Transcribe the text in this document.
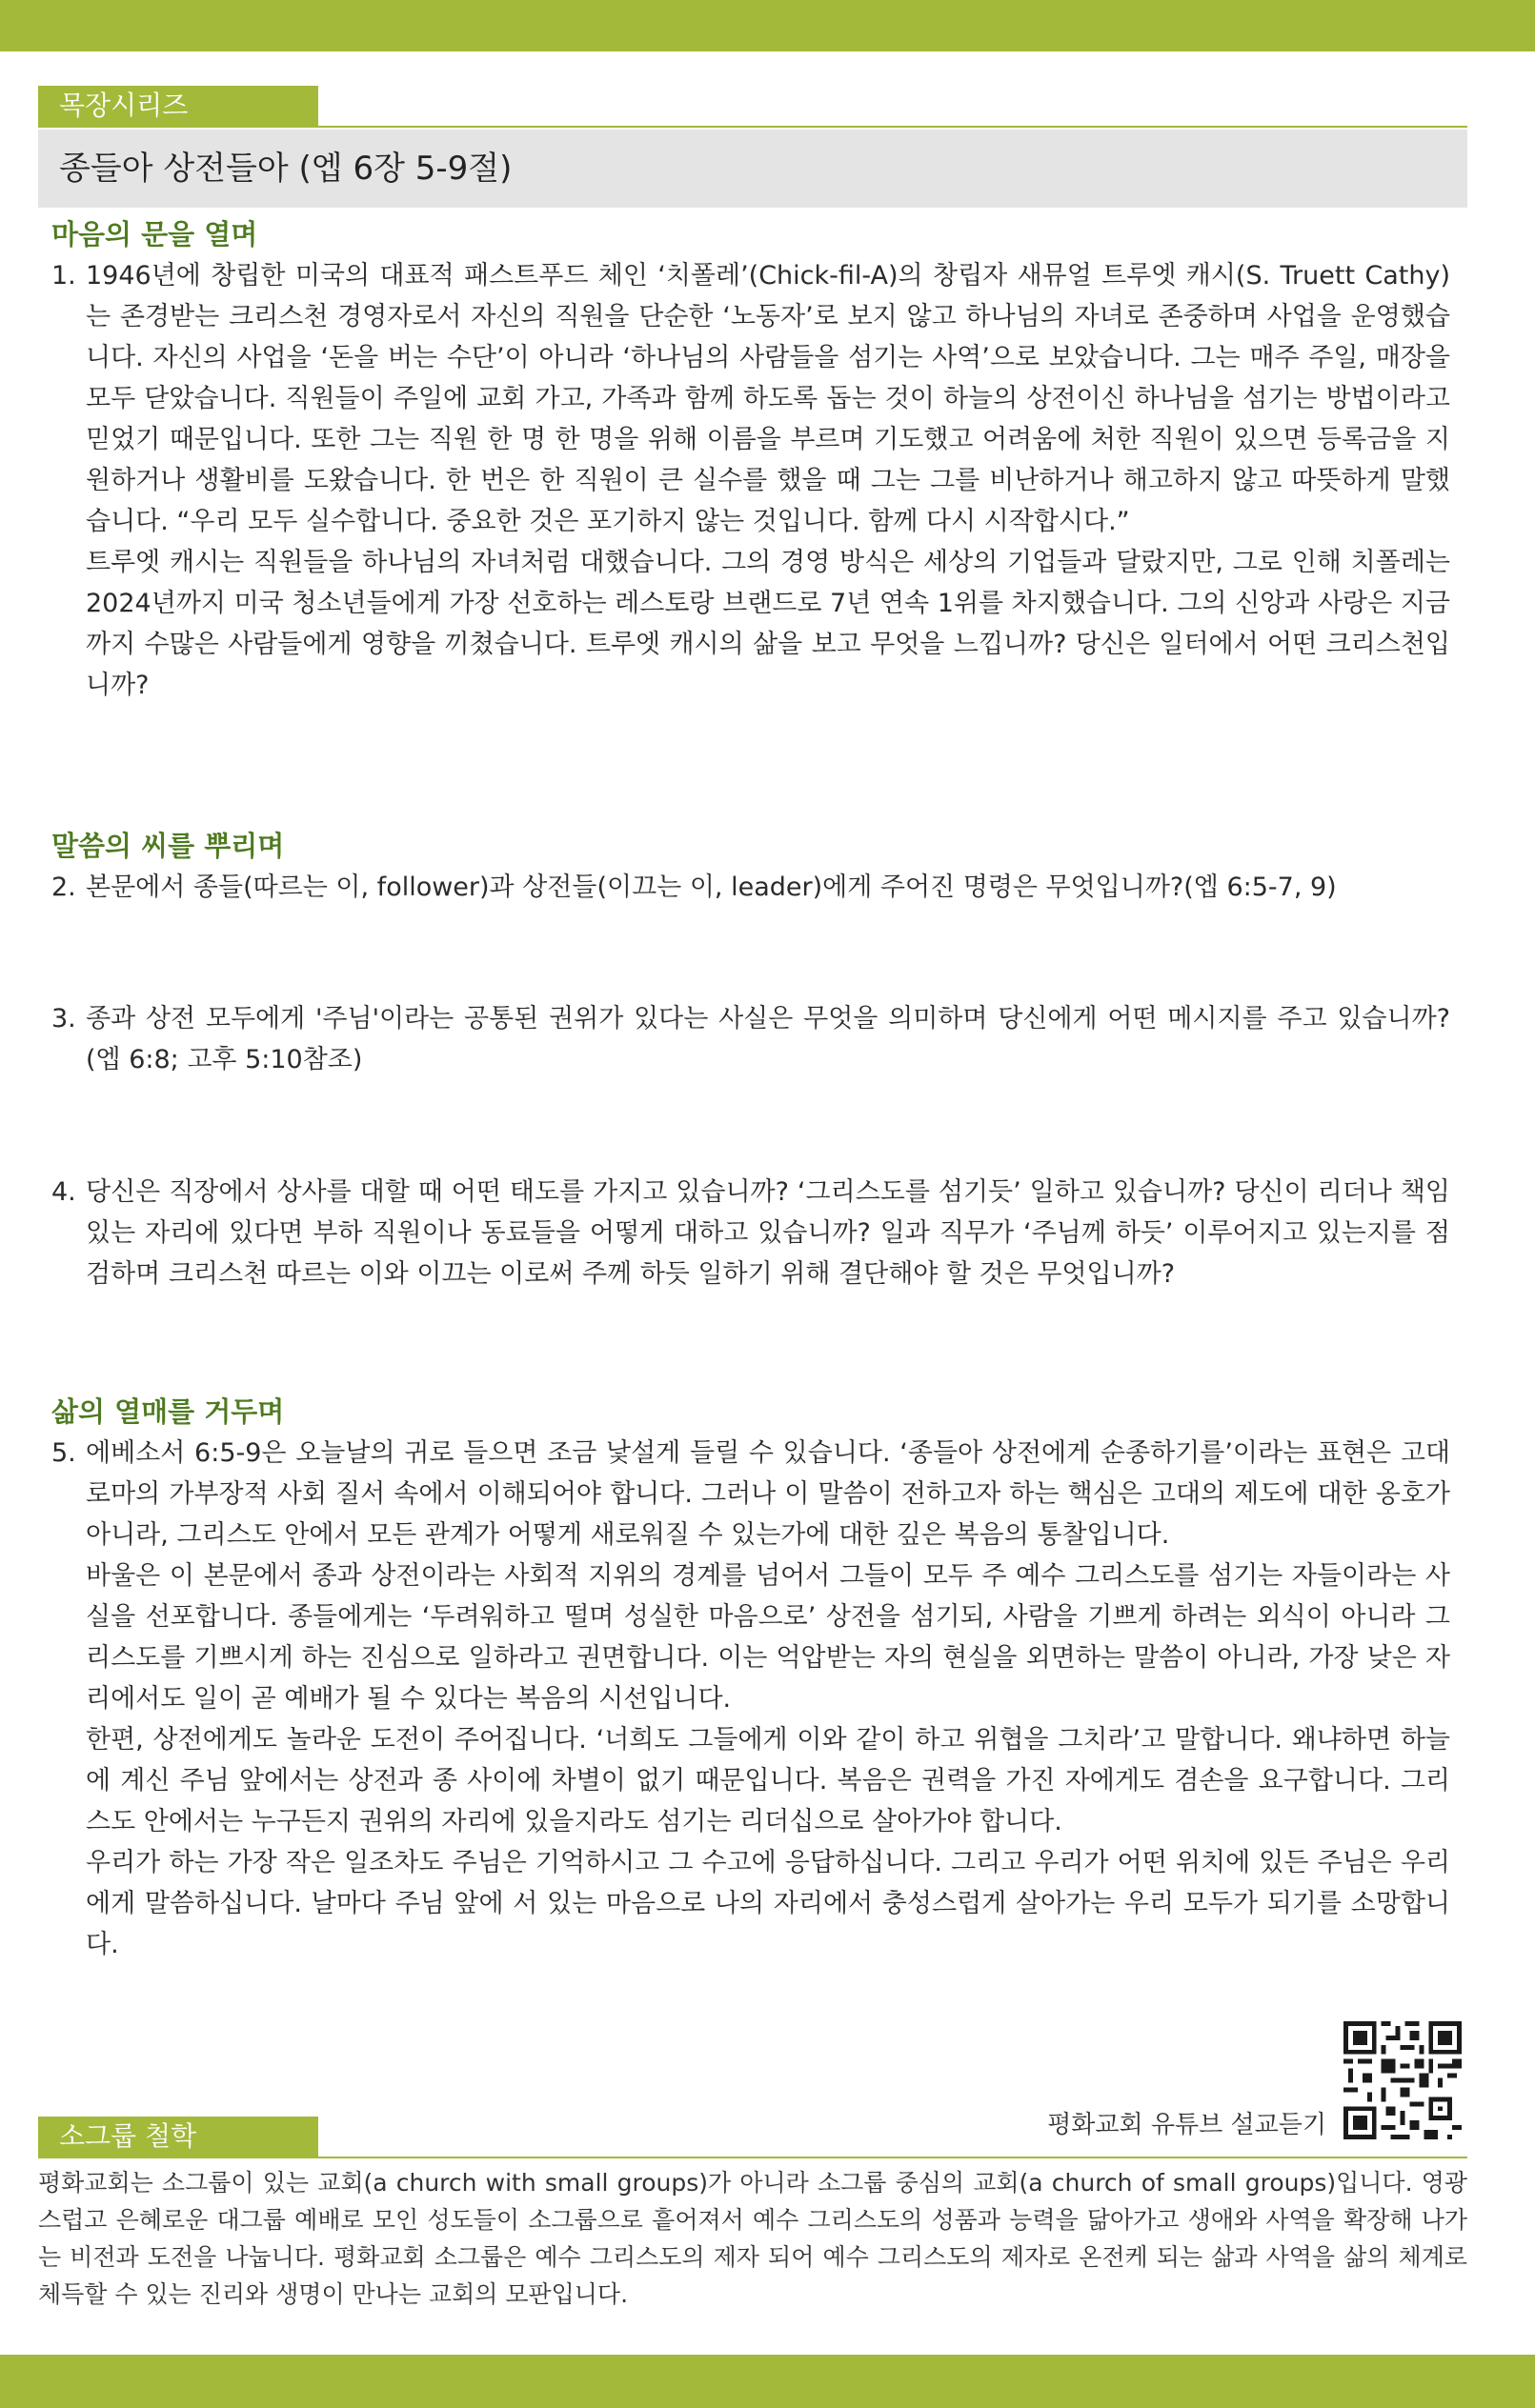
목장시리즈
종들아 상전들아 (엡 6장 5-9절)
마음의 문을 열며
1. 1946년에 창립한 미국의 대표적 패스트푸드 체인 ‘치폴레’(Chick-fil-A)의 창립자 새뮤얼 트루엣 캐시(S. Truett Cathy)는 존경받는 크리스천 경영자로서 자신의 직원을 단순한 ‘노동자’로 보지 않고 하나님의 자녀로 존중하며 사업을 운영했습니다. 자신의 사업을 ‘돈을 버는 수단’이 아니라 ‘하나님의 사람들을 섬기는 사역’으로 보았습니다. 그는 매주 주일, 매장을 모두 닫았습니다. 직원들이 주일에 교회 가고, 가족과 함께 하도록 돕는 것이 하늘의 상전이신 하나님을 섬기는 방법이라고 믿었기 때문입니다. 또한 그는 직원 한 명 한 명을 위해 이름을 부르며 기도했고 어려움에 처한 직원이 있으면 등록금을 지원하거나 생활비를 도왔습니다. 한 번은 한 직원이 큰 실수를 했을 때 그는 그를 비난하거나 해고하지 않고 따뜻하게 말했습니다. “우리 모두 실수합니다. 중요한 것은 포기하지 않는 것입니다. 함께 다시 시작합시다.”

트루엣 캐시는 직원들을 하나님의 자녀처럼 대했습니다. 그의 경영 방식은 세상의 기업들과 달랐지만, 그로 인해 치폴레는 2024년까지 미국 청소년들에게 가장 선호하는 레스토랑 브랜드로 7년 연속 1위를 차지했습니다. 그의 신앙과 사랑은 지금까지 수많은 사람들에게 영향을 끼쳤습니다. 트루엣 캐시의 삶을 보고 무엇을 느낍니까? 당신은 일터에서 어떤 크리스천입니까?

말씀의 씨를 뿌리며
2. 본문에서 종들(따르는 이, follower)과 상전들(이끄는 이, leader)에게 주어진 명령은 무엇입니까?(엡 6:5-7, 9)

3. 종과 상전 모두에게 '주님'이라는 공통된 권위가 있다는 사실은 무엇을 의미하며 당신에게 어떤 메시지를 주고 있습니까? (엡 6:8; 고후 5:10참조)

4. 당신은 직장에서 상사를 대할 때 어떤 태도를 가지고 있습니까? ‘그리스도를 섬기듯’ 일하고 있습니까? 당신이 리더나 책임 있는 자리에 있다면 부하 직원이나 동료들을 어떻게 대하고 있습니까? 일과 직무가 ‘주님께 하듯’ 이루어지고 있는지를 점검하며 크리스천 따르는 이와 이끄는 이로써 주께 하듯 일하기 위해 결단해야 할 것은 무엇입니까?

삶의 열매를 거두며
5. 에베소서 6:5-9은 오늘날의 귀로 들으면 조금 낯설게 들릴 수 있습니다. ‘종들아 상전에게 순종하기를’이라는 표현은 고대 로마의 가부장적 사회 질서 속에서 이해되어야 합니다. 그러나 이 말씀이 전하고자 하는 핵심은 고대의 제도에 대한 옹호가 아니라, 그리스도 안에서 모든 관계가 어떻게 새로워질 수 있는가에 대한 깊은 복음의 통찰입니다.

바울은 이 본문에서 종과 상전이라는 사회적 지위의 경계를 넘어서 그들이 모두 주 예수 그리스도를 섬기는 자들이라는 사실을 선포합니다. 종들에게는 ‘두려워하고 떨며 성실한 마음으로’ 상전을 섬기되, 사람을 기쁘게 하려는 외식이 아니라 그리스도를 기쁘시게 하는 진심으로 일하라고 권면합니다. 이는 억압받는 자의 현실을 외면하는 말씀이 아니라, 가장 낮은 자리에서도 일이 곧 예배가 될 수 있다는 복음의 시선입니다.

한편, 상전에게도 놀라운 도전이 주어집니다. ‘너희도 그들에게 이와 같이 하고 위협을 그치라’고 말합니다. 왜냐하면 하늘에 계신 주님 앞에서는 상전과 종 사이에 차별이 없기 때문입니다. 복음은 권력을 가진 자에게도 겸손을 요구합니다. 그리스도 안에서는 누구든지 권위의 자리에 있을지라도 섬기는 리더십으로 살아가야 합니다.

우리가 하는 가장 작은 일조차도 주님은 기억하시고 그 수고에 응답하십니다. 그리고 우리가 어떤 위치에 있든 주님은 우리에게 말씀하십니다. 날마다 주님 앞에 서 있는 마음으로 나의 자리에서 충성스럽게 살아가는 우리 모두가 되기를 소망합니다.

평화교회 유튜브 설교듣기
소그룹 철학

평화교회는 소그룹이 있는 교회(a church with small groups)가 아니라 소그룹 중심의 교회(a church of small groups)입니다. 영광스럽고 은혜로운 대그룹 예배로 모인 성도들이 소그룹으로 흩어져서 예수 그리스도의 성품과 능력을 닮아가고 생애와 사역을 확장해 나가는 비전과 도전을 나눕니다. 평화교회 소그룹은 예수 그리스도의 제자 되어 예수 그리스도의 제자로 온전케 되는 삶과 사역을 삶의 체계로 체득할 수 있는 진리와 생명이 만나는 교회의 모판입니다.
